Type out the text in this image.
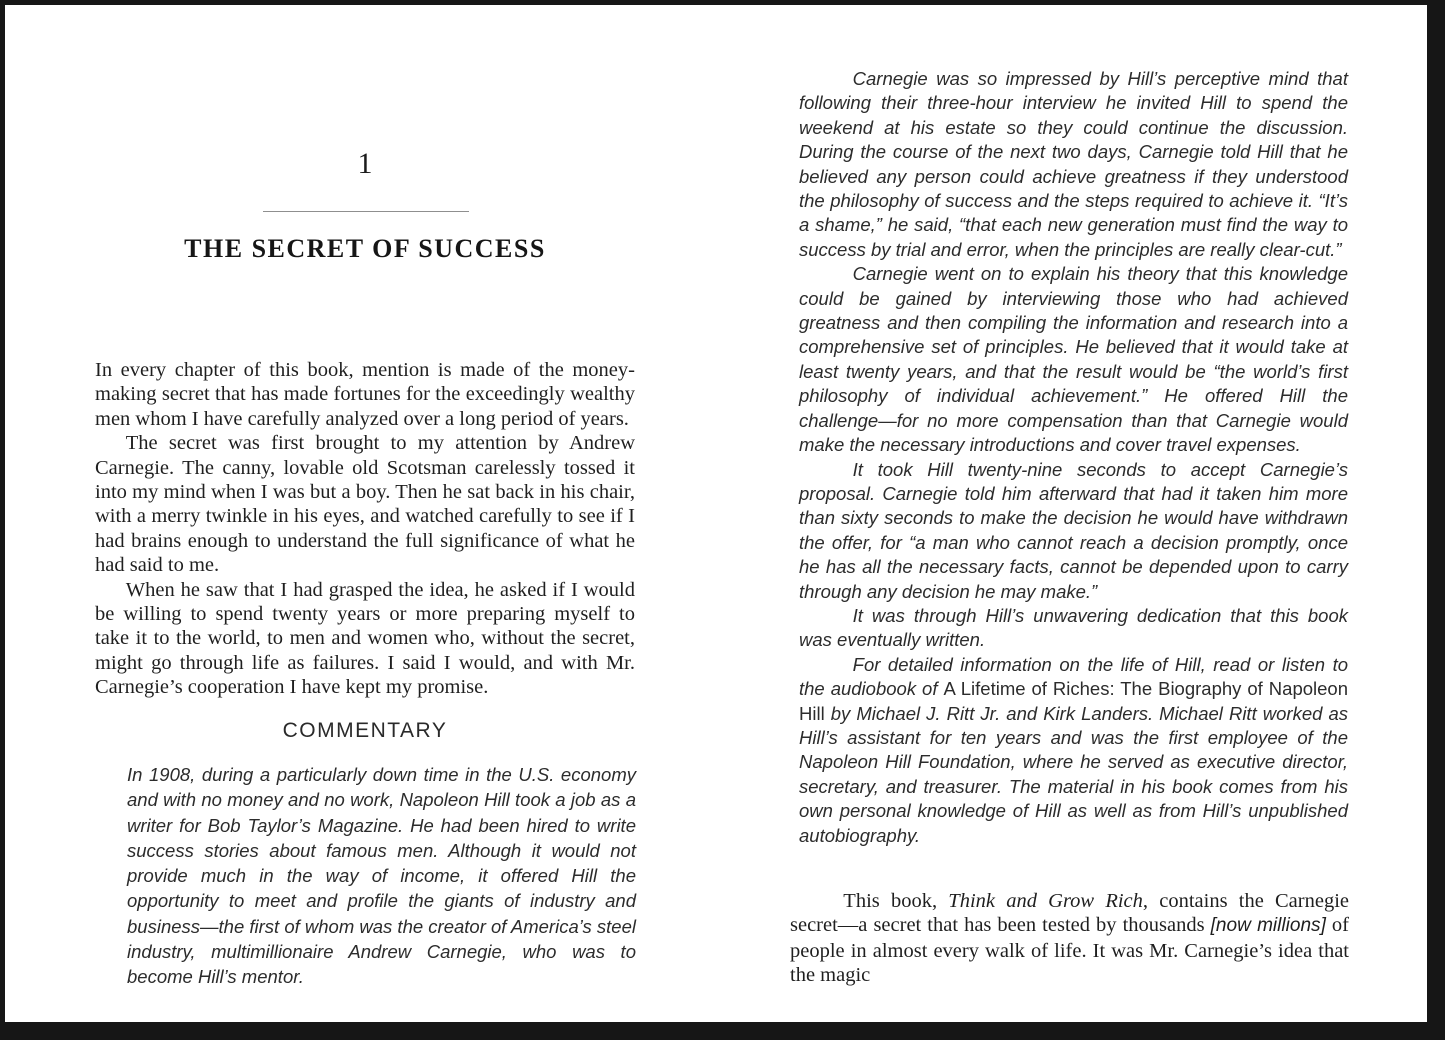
1
THE SECRET OF SUCCESS

In every chapter of this book, mention is made of the money-making secret that has made fortunes for the exceedingly wealthy men whom I have carefully analyzed over a long period of years.

The secret was first brought to my attention by Andrew Carnegie. The canny, lovable old Scotsman carelessly tossed it into my mind when I was but a boy. Then he sat back in his chair, with a merry twinkle in his eyes, and watched carefully to see if I had brains enough to understand the full significance of what he had said to me.

When he saw that I had grasped the idea, he asked if I would be willing to spend twenty years or more preparing myself to take it to the world, to men and women who, without the secret, might go through life as failures. I said I would, and with Mr. Carnegie’s cooperation I have kept my promise.

COMMENTARY

In 1908, during a particularly down time in the U.S. economy and with no money and no work, Napoleon Hill took a job as a writer for Bob Taylor’s Magazine. He had been hired to write success stories about famous men. Although it would not provide much in the way of income, it offered Hill the opportunity to meet and profile the giants of industry and business—the first of whom was the creator of America’s steel industry, multimillionaire Andrew Carnegie, who was to become Hill’s mentor.

Carnegie was so impressed by Hill’s perceptive mind that following their three-hour interview he invited Hill to spend the weekend at his estate so they could continue the discussion. During the course of the next two days, Carnegie told Hill that he believed any person could achieve greatness if they understood the philosophy of success and the steps required to achieve it. “It’s a shame,” he said, “that each new generation must find the way to success by trial and error, when the principles are really clear-cut.”

Carnegie went on to explain his theory that this knowledge could be gained by interviewing those who had achieved greatness and then compiling the information and research into a comprehensive set of principles. He believed that it would take at least twenty years, and that the result would be “the world’s first philosophy of individual achievement.” He offered Hill the challenge—for no more compensation than that Carnegie would make the necessary introductions and cover travel expenses.

It took Hill twenty-nine seconds to accept Carnegie’s proposal. Carnegie told him afterward that had it taken him more than sixty seconds to make the decision he would have withdrawn the offer, for “a man who cannot reach a decision promptly, once he has all the necessary facts, cannot be depended upon to carry through any decision he may make.”

It was through Hill’s unwavering dedication that this book was eventually written.

For detailed information on the life of Hill, read or listen to the audiobook of A Lifetime of Riches: The Biography of Napoleon Hill by Michael J. Ritt Jr. and Kirk Landers. Michael Ritt worked as Hill’s assistant for ten years and was the first employee of the Napoleon Hill Foundation, where he served as executive director, secretary, and treasurer. The material in his book comes from his own personal knowledge of Hill as well as from Hill’s unpublished autobiography.

This book, Think and Grow Rich, contains the Carnegie secret—a secret that has been tested by thousands [now millions] of people in almost every walk of life. It was Mr. Carnegie’s idea that the magic
